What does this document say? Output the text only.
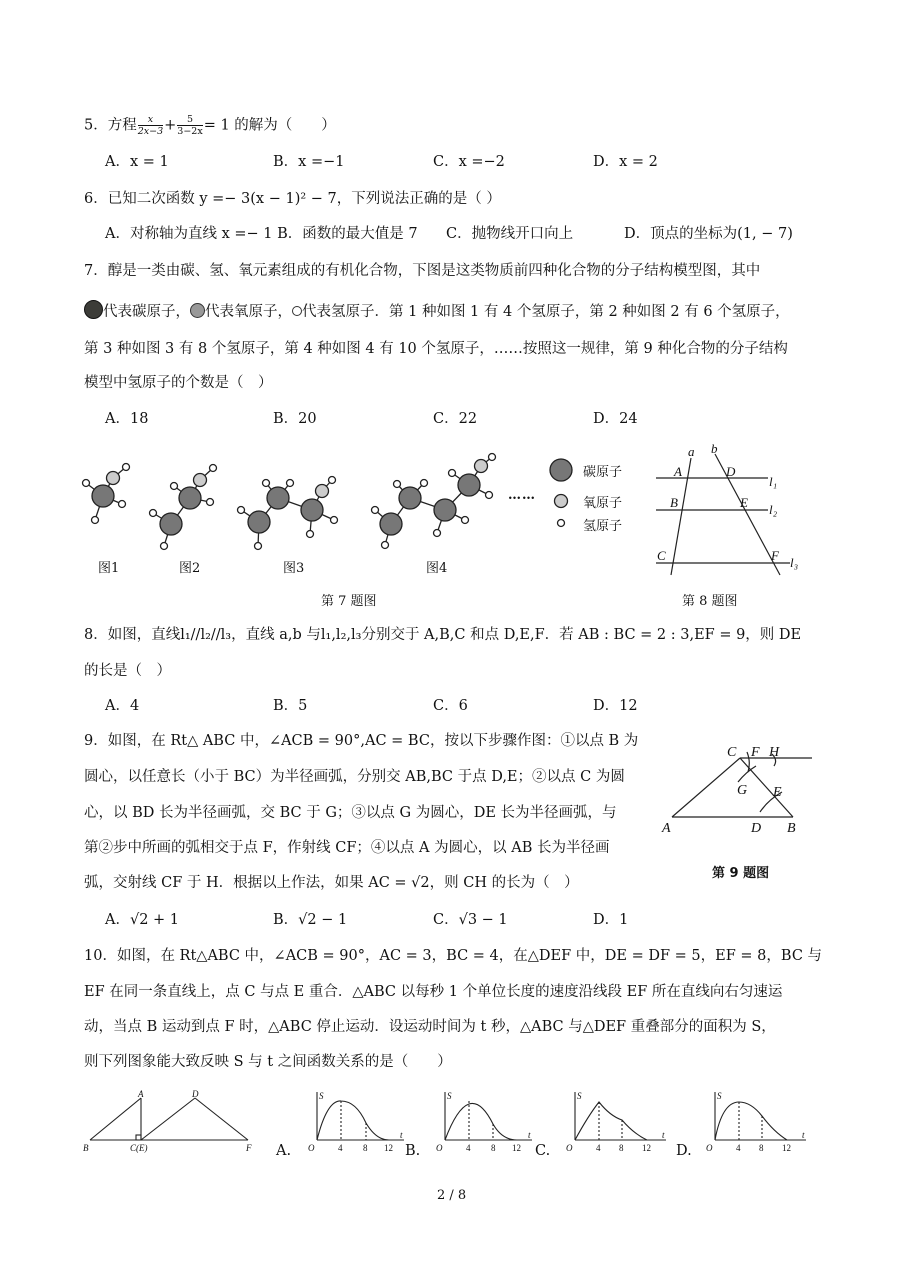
5．方程 $\frac{x}{2x-3} + \frac{5}{3-2x} = 1$ 的解为（　　）
A．x = 1	B．x =−1	C．x =−2	D．x = 2
6．已知二次函数 y =− 3(x − 1)² − 7，下列说法正确的是（ ）
A．对称轴为直线 x =− 1 B．函数的最大值是 7 C．抛物线开口向上	D．顶点的坐标为(1, − 7)
7．醇是一类由碳、氢、氧元素组成的有机化合物，下图是这类物质前四种化合物的分子结构模型图，其中
代表碳原子， 代表氧原子， 代表氢原子．第 1 种如图 1 有 4 个氢原子，第 2 种如图 2 有 6 个氢原子，
第 3 种如图 3 有 8 个氢原子，第 4 种如图 4 有 10 个氢原子，……按照这一规律，第 9 种化合物的分子结构
模型中氢原子的个数是（　）
A．18	B．20	C．22	D．24
图1	图2	图3	图4
……
碳原子
氧原子
氢原子
第 7 题图
a b
A	D
B	E
C	F
l₁
l₂
l₃
第 8 题图
8．如图，直线l₁//l₂//l₃，直线 a,b 与l₁,l₂,l₃分别交于 A,B,C 和点 D,E,F．若 AB : BC = 2 : 3,EF = 9，则 DE
的长是（　）
A．4	B．5	C．6	D．12
9．如图，在 Rt△ ABC 中，∠ACB = 90°,AC = BC，按以下步骤作图：①以点 B 为
圆心，以任意长（小于 BC）为半径画弧，分别交 AB,BC 于点 D,E；②以点 C 为圆
心，以 BD 长为半径画弧，交 BC 于 G；③以点 G 为圆心，DE 长为半径画弧，与
第②步中所画的弧相交于点 F，作射线 CF；④以点 A 为圆心，以 AB 长为半径画
弧，交射线 CF 于 H．根据以上作法，如果 AC = √2，则 CH 的长为（　）
A．√2 + 1	B．√2 − 1	C．√3 − 1	D．1
C F H
G E
A	D B
第 9 题图
10．如图，在 Rt△ABC 中，∠ACB = 90°，AC = 3，BC = 4，在△DEF 中，DE = DF = 5，EF = 8，BC 与
EF 在同一条直线上，点 C 与点 E 重合．△ABC 以每秒 1 个单位长度的速度沿线段 EF 所在直线向右匀速运
动，当点 B 运动到点 F 时，△ABC 停止运动．设运动时间为 t 秒，△ABC 与△DEF 重叠部分的面积为 S，
则下列图象能大致反映 S 与 t 之间函数关系的是（　　）
A	D
B	C(E)	F A.
S
t
O	4 8 12 B.
S
t
O	4 8 12 C.
S
t
O	4 8 12 D.
S
t
O	4 8 12
2 / 8
